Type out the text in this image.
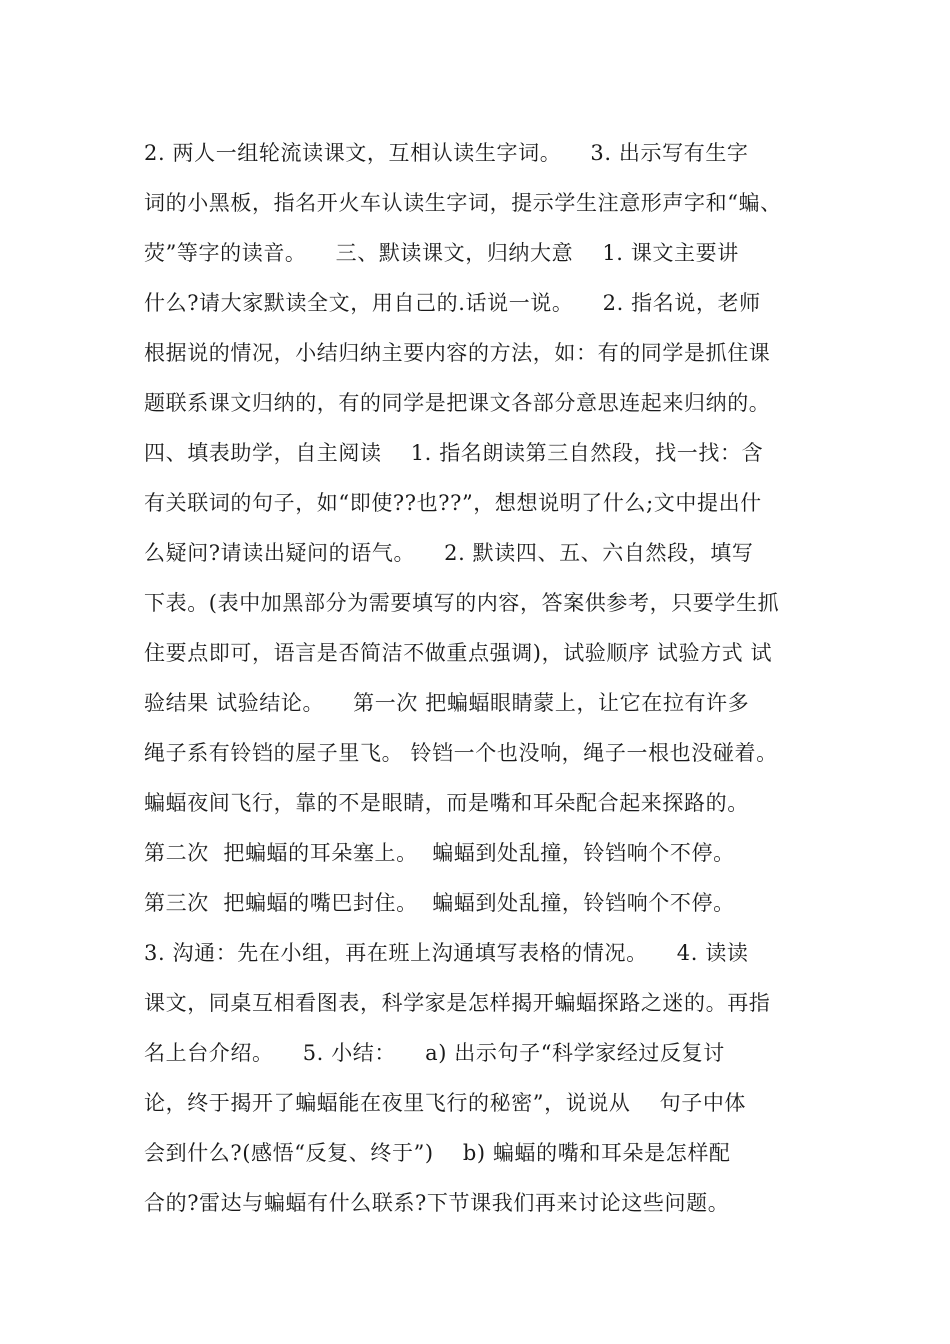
2. 两人一组轮流读课文，互相认读生字词。    3. 出示写有生字
词的小黑板，指名开火车认读生字词，提示学生注意形声字和“蝙、
荧”等字的读音。    三、默读课文，归纳大意    1. 课文主要讲
什么?请大家默读全文，用自己的.话说一说。    2. 指名说，老师
根据说的情况，小结归纳主要内容的方法，如：有的同学是抓住课
题联系课文归纳的，有的同学是把课文各部分意思连起来归纳的。
四、填表助学，自主阅读    1. 指名朗读第三自然段，找一找：含
有关联词的句子，如“即使??也??”，想想说明了什么;文中提出什
么疑问?请读出疑问的语气。    2. 默读四、五、六自然段，填写
下表。(表中加黑部分为需要填写的内容，答案供参考，只要学生抓
住要点即可，语言是否简洁不做重点强调)，试验顺序 试验方式 试
验结果 试验结论。    第一次 把蝙蝠眼睛蒙上，让它在拉有许多
绳子系有铃铛的屋子里飞。 铃铛一个也没响，绳子一根也没碰着。
蝙蝠夜间飞行，靠的不是眼睛，而是嘴和耳朵配合起来探路的。
第二次  把蝙蝠的耳朵塞上。  蝙蝠到处乱撞，铃铛响个不停。
第三次  把蝙蝠的嘴巴封住。  蝙蝠到处乱撞，铃铛响个不停。
3. 沟通：先在小组，再在班上沟通填写表格的情况。    4. 读读
课文，同桌互相看图表，科学家是怎样揭开蝙蝠探路之迷的。再指
名上台介绍。    5. 小结：    a) 出示句子“科学家经过反复讨
论，终于揭开了蝙蝠能在夜里飞行的秘密”，说说从    句子中体
会到什么?(感悟“反复、终于”)    b) 蝙蝠的嘴和耳朵是怎样配
合的?雷达与蝙蝠有什么联系?下节课我们再来讨论这些问题。
